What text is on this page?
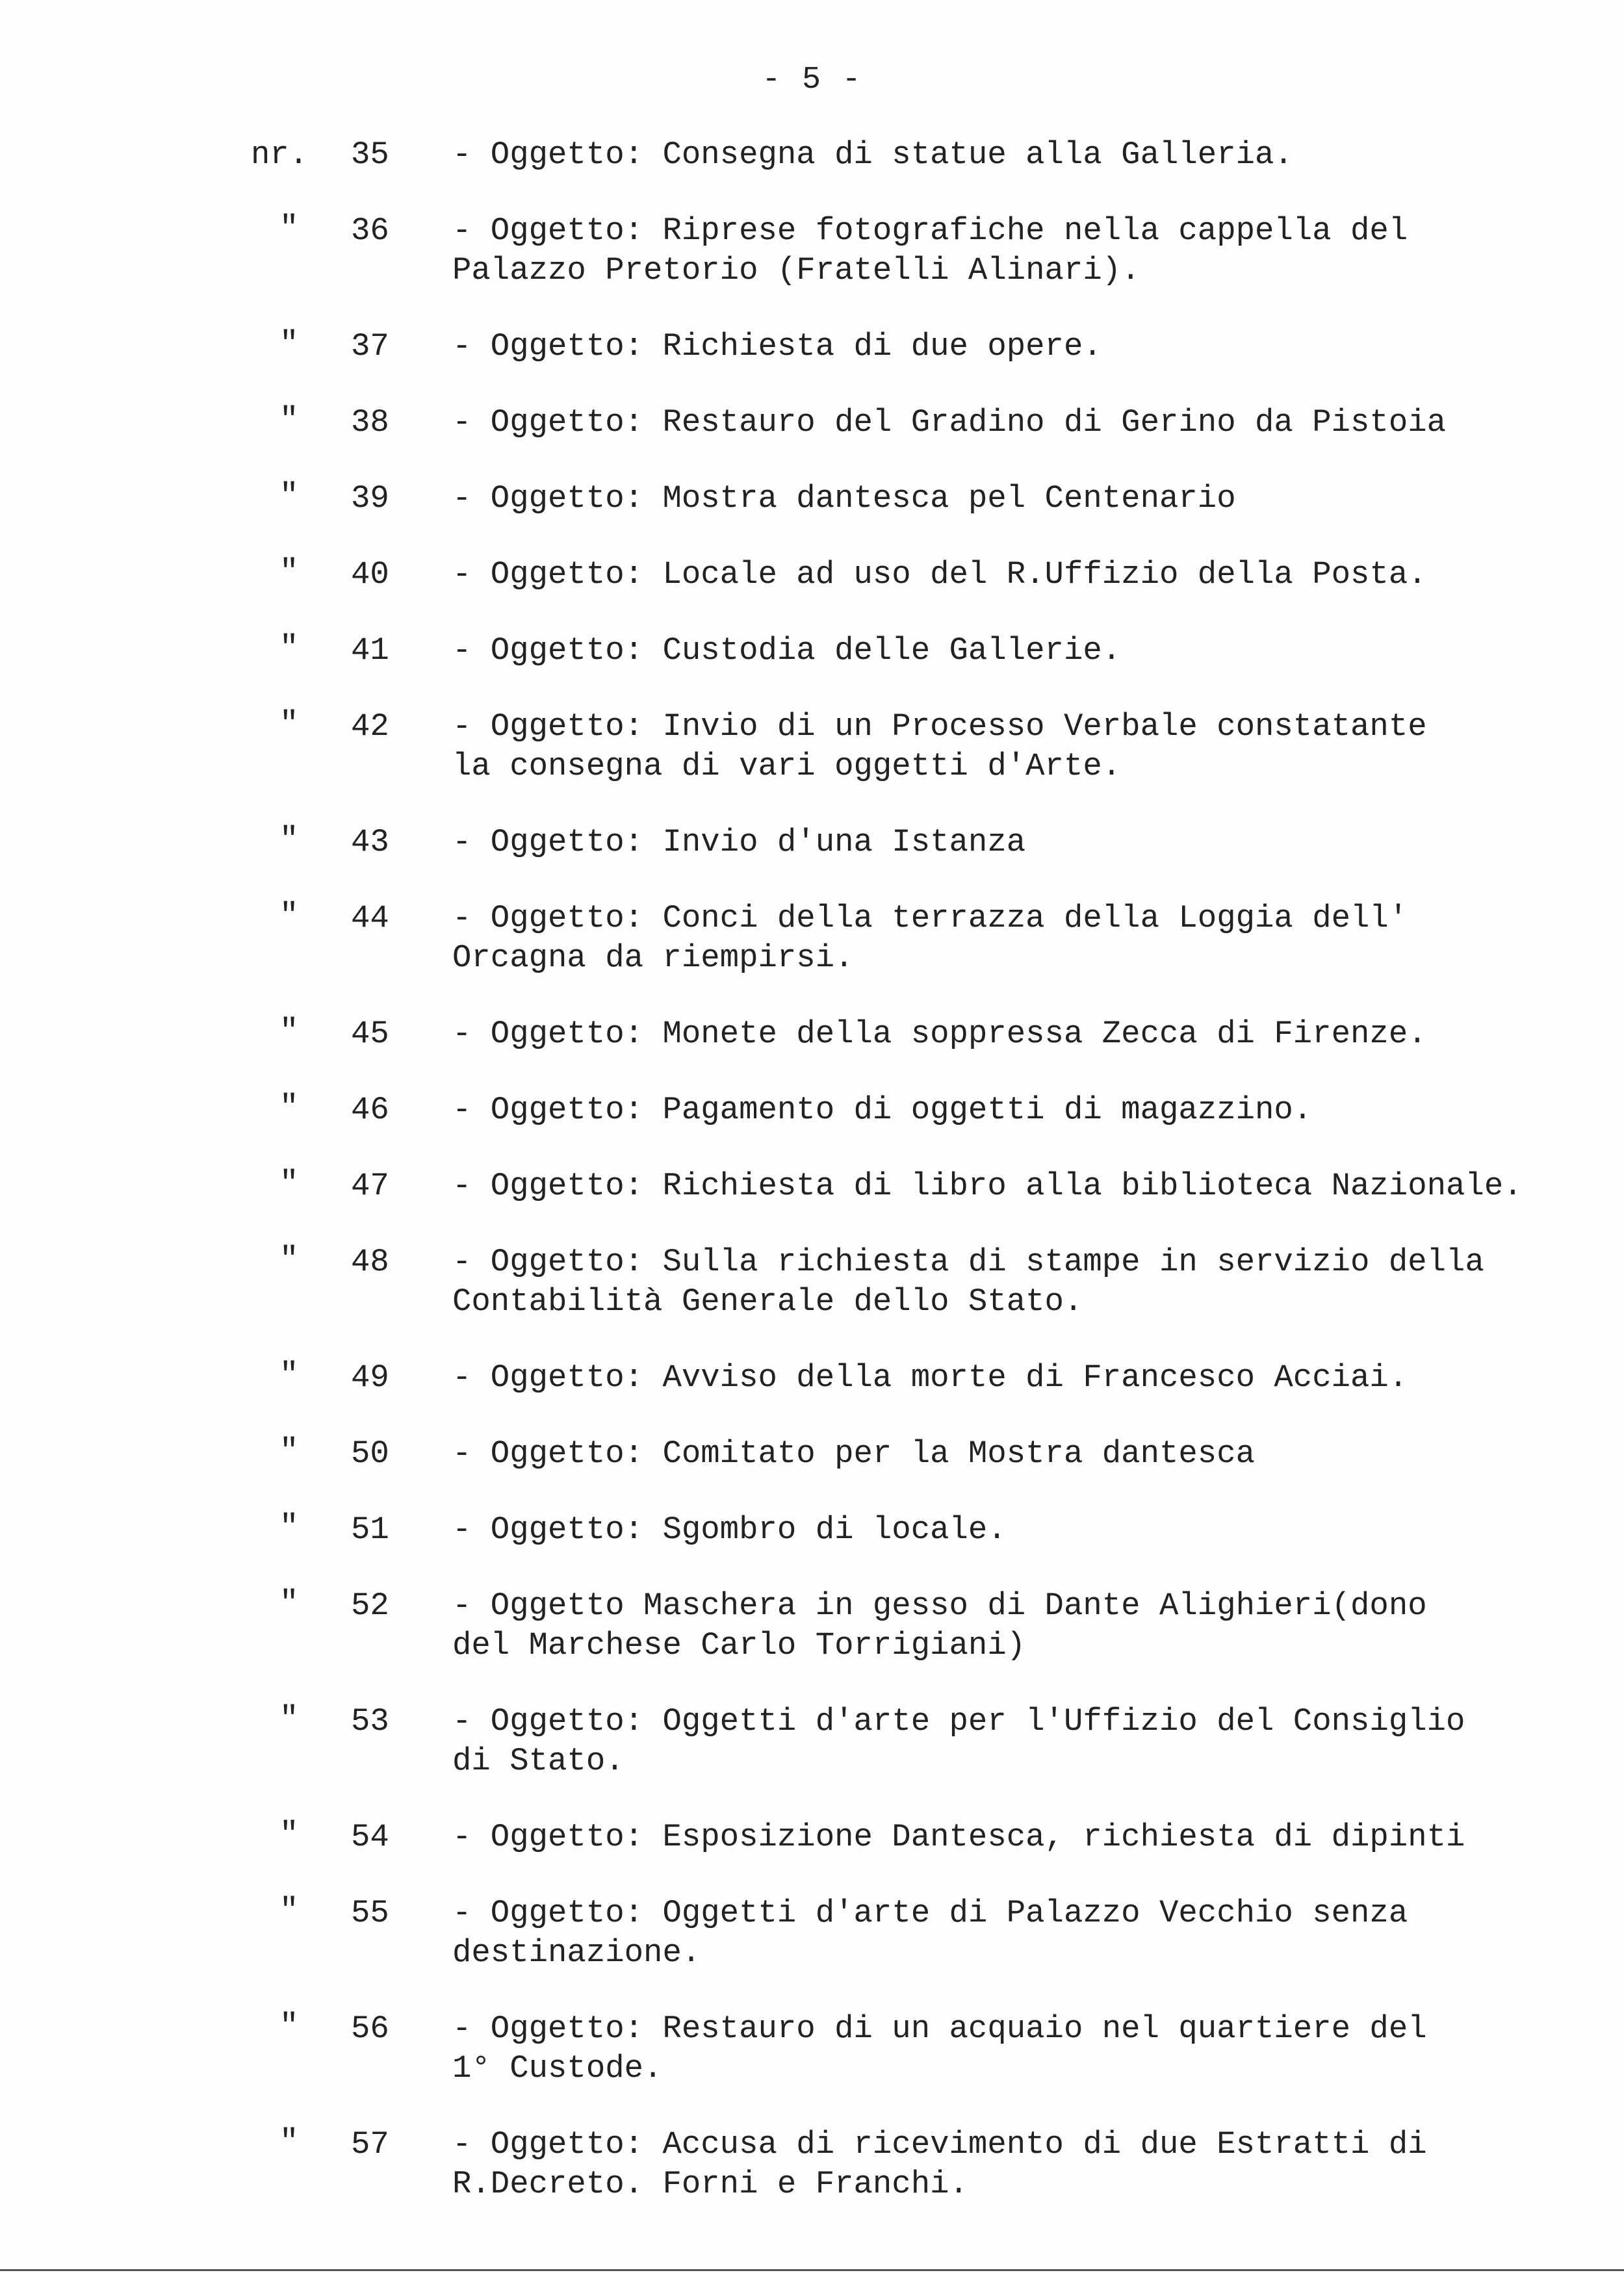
- 5 -
nr.	35 - Oggetto: Consegna di statue alla Galleria.
"	36 - Oggetto: Riprese fotografiche nella cappella del
Palazzo Pretorio (Fratelli Alinari).
"	37 - Oggetto: Richiesta di due opere.
"	38 - Oggetto: Restauro del Gradino di Gerino da Pistoia
"	39 - Oggetto: Mostra dantesca pel Centenario
"	40 - Oggetto: Locale ad uso del R.Uffizio della Posta.
"	41 - Oggetto: Custodia delle Gallerie.
"	42 - Oggetto: Invio di un Processo Verbale constatante
la consegna di vari oggetti d'Arte.
"	43 - Oggetto: Invio d'una Istanza
"	44 - Oggetto: Conci della terrazza della Loggia dell'
Orcagna da riempirsi.
"	45 - Oggetto: Monete della soppressa Zecca di Firenze.
"	46 - Oggetto: Pagamento di oggetti di magazzino.
"	47 - Oggetto: Richiesta di libro alla biblioteca Nazionale.
"	48 - Oggetto: Sulla richiesta di stampe in servizio della
Contabilità Generale dello Stato.
"	49 - Oggetto: Avviso della morte di Francesco Acciai.
"	50 - Oggetto: Comitato per la Mostra dantesca
"	51 - Oggetto: Sgombro di locale.
"	52 - Oggetto Maschera in gesso di Dante Alighieri(dono
del Marchese Carlo Torrigiani)
"	53 - Oggetto: Oggetti d'arte per l'Uffizio del Consiglio
di Stato.
"	54 - Oggetto: Esposizione Dantesca, richiesta di dipinti
"	55 - Oggetto: Oggetti d'arte di Palazzo Vecchio senza
destinazione.
"	56 - Oggetto: Restauro di un acquaio nel quartiere del
1° Custode.
"	57 - Oggetto: Accusa di ricevimento di due Estratti di
R.Decreto. Forni e Franchi.
